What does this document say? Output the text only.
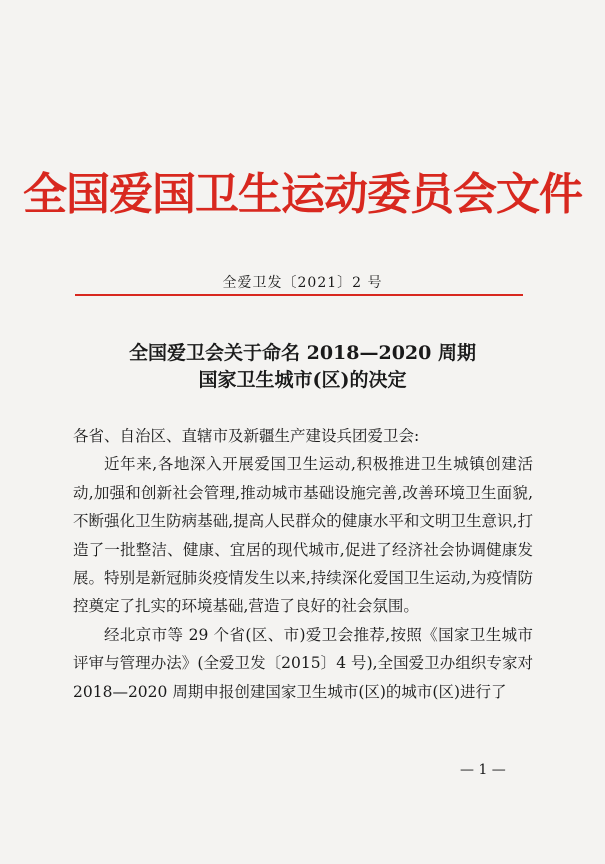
全国爱国卫生运动委员会文件
全爱卫发〔2021〕2 号
全国爱卫会关于命名 2018—2020 周期
国家卫生城市(区)的决定

各省、自治区、直辖市及新疆生产建设兵团爱卫会:

近年来,各地深入开展爱国卫生运动,积极推进卫生城镇创建活动,加强和创新社会管理,推动城市基础设施完善,改善环境卫生面貌,不断强化卫生防病基础,提高人民群众的健康水平和文明卫生意识,打造了一批整洁、健康、宜居的现代城市,促进了经济社会协调健康发展。特别是新冠肺炎疫情发生以来,持续深化爱国卫生运动,为疫情防控奠定了扎实的环境基础,营造了良好的社会氛围。

经北京市等 29 个省(区、市)爱卫会推荐,按照《国家卫生城市评审与管理办法》(全爱卫发〔2015〕4 号),全国爱卫办组织专家对 2018—2020 周期申报创建国家卫生城市(区)的城市(区)进行了

— 1 —
